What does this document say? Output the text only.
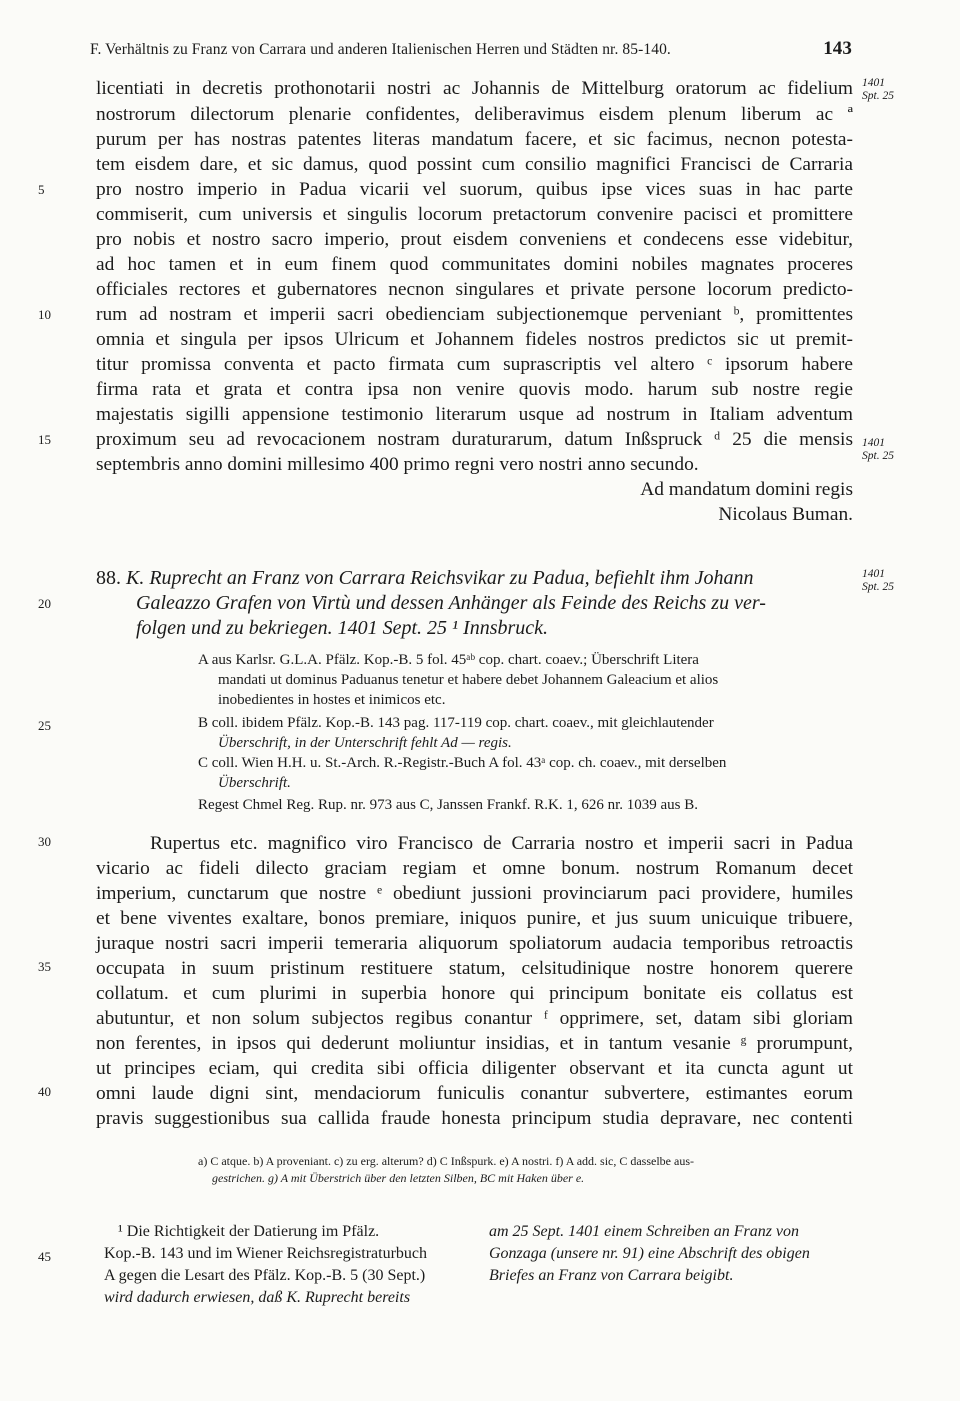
F. Verhältnis zu Franz von Carrara und anderen Italienischen Herren und Städten nr. 85-140.	143
licentiati in decretis prothonotarii nostri ac Johannis de Mittelburg oratorum ac fidelium
nostrorum dilectorum plenarie confidentes, deliberavimus eisdem plenum liberum ac ª
purum per has nostras patentes literas mandatum facere, et sic facimus, necnon potesta-
tem eisdem dare, et sic damus, quod possint cum consilio magnifici Francisci de Carraria
pro nostro imperio in Padua vicarii vel suorum, quibus ipse vices suas in hac parte
commiserit, cum universis et singulis locorum pretactorum convenire pacisci et promittere
pro nobis et nostro sacro imperio, prout eisdem conveniens et condecens esse videbitur,
ad hoc tamen et in eum finem quod communitates domini nobiles magnates proceres
officiales rectores et gubernatores necnon singulares et private persone locorum predicto-
rum ad nostram et imperii sacri obedienciam subjectionemque perveniant ᵇ, promittentes
omnia et singula per ipsos Ulricum et Johannem fideles nostros predictos sic ut premit-
titur promissa conventa et pacto firmata cum suprascriptis vel altero ᶜ ipsorum habere
firma rata et grata et contra ipsa non venire quovis modo. harum sub nostre regie
majestatis sigilli appensione testimonio literarum usque ad nostrum in Italiam adventum
proximum seu ad revocacionem nostram duraturarum, datum Inßspruck ᵈ 25 die mensis
septembris anno domini millesimo 400 primo regni vero nostri anno secundo.
Ad mandatum domini regis
Nicolaus Buman.
1401
Spt. 25
1401
Spt. 25
1401
Spt. 25
5
10
15
20
25
30
35
40
45
88. K. Ruprecht an Franz von Carrara Reichsvikar zu Padua, befiehlt ihm Johann
Galeazzo Grafen von Virtù und dessen Anhänger als Feinde des Reichs zu ver-
folgen und zu bekriegen. 1401 Sept. 25 ¹ Innsbruck.
A aus Karlsr. G.L.A. Pfälz. Kop.-B. 5 fol. 45ᵃᵇ cop. chart. coaev.; Überschrift Litera
mandati ut dominus Paduanus tenetur et habere debet Johannem Galeacium et alios
inobedientes in hostes et inimicos etc.
B coll. ibidem Pfälz. Kop.-B. 143 pag. 117-119 cop. chart. coaev., mit gleichlautender
Überschrift, in der Unterschrift fehlt Ad — regis.
C coll. Wien H.H. u. St.-Arch. R.-Registr.-Buch A fol. 43ᵃ cop. ch. coaev., mit derselben
Überschrift.
Regest Chmel Reg. Rup. nr. 973 aus C, Janssen Frankf. R.K. 1, 626 nr. 1039 aus B.
Rupertus etc. magnifico viro Francisco de Carraria nostro et imperii sacri in Padua
vicario ac fideli dilecto graciam regiam et omne bonum. nostrum Romanum decet
imperium, cunctarum que nostre ᵉ obediunt jussioni provinciarum paci providere, humiles
et bene viventes exaltare, bonos premiare, iniquos punire, et jus suum unicuique tribuere,
juraque nostri sacri imperii temeraria aliquorum spoliatorum audacia temporibus retroactis
occupata in suum pristinum restituere statum, celsitudinique nostre honorem querere
collatum. et cum plurimi in superbia honore qui principum bonitate eis collatus est
abutuntur, et non solum subjectos regibus conantur ᶠ opprimere, set, datam sibi gloriam
non ferentes, in ipsos qui dederunt moliuntur insidias, et in tantum vesanie ᵍ prorumpunt,
ut principes eciam, qui credita sibi officia diligenter observant et ita cuncta agunt ut
omni laude digni sint, mendaciorum funiculis conantur subvertere, estimantes eorum
pravis suggestionibus sua callida fraude honesta principum studia depravare, nec contenti
a) C atque. b) A proveniant. c) zu erg. alterum? d) C Inßspurk. e) A nostri. f) A add. sic, C dasselbe aus-
gestrichen. g) A mit Überstrich über den letzten Silben, BC mit Haken über e.
¹ Die Richtigkeit der Datierung im Pfälz.
Kop.-B. 143 und im Wiener Reichsregistraturbuch
A gegen die Lesart des Pfälz. Kop.-B. 5 (30 Sept.)
wird dadurch erwiesen, daß K. Ruprecht bereits
am 25 Sept. 1401 einem Schreiben an Franz von
Gonzaga (unsere nr. 91) eine Abschrift des obigen
Briefes an Franz von Carrara beigibt.
